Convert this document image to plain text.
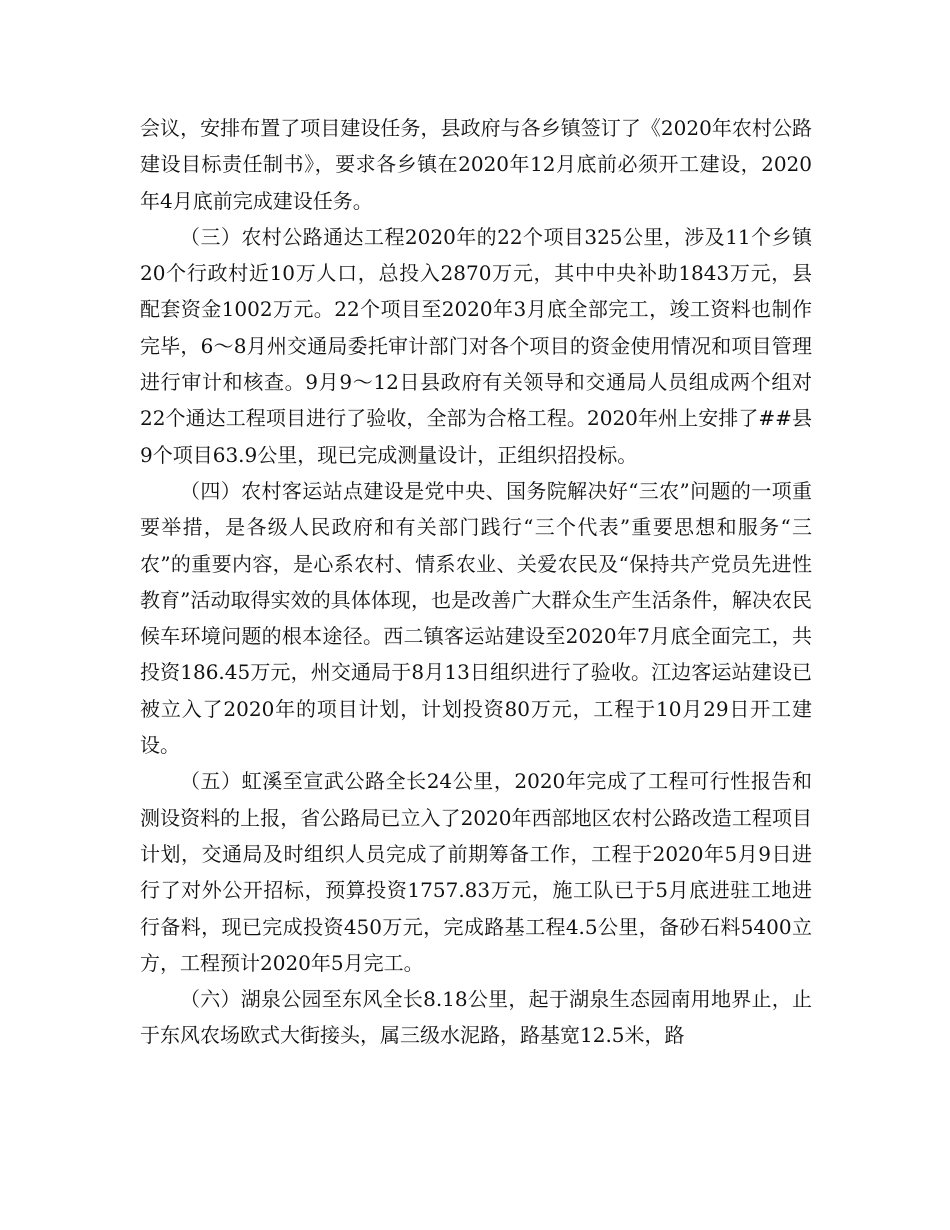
会议，安排布置了项目建设任务，县政府与各乡镇签订了《2020年农村公路建设目标责任制书》，要求各乡镇在2020年12月底前必须开工建设，2020年4月底前完成建设任务。

（三）农村公路通达工程2020年的22个项目325公里，涉及11个乡镇20个行政村近10万人口，总投入2870万元，其中中央补助1843万元，县配套资金1002万元。22个项目至2020年3月底全部完工，竣工资料也制作完毕，6～8月州交通局委托审计部门对各个项目的资金使用情况和项目管理进行审计和核查。9月9～12日县政府有关领导和交通局人员组成两个组对22个通达工程项目进行了验收，全部为合格工程。2020年州上安排了##县9个项目63.9公里，现已完成测量设计，正组织招投标。

（四）农村客运站点建设是党中央、国务院解决好“三农”问题的一项重要举措，是各级人民政府和有关部门践行“三个代表”重要思想和服务“三农”的重要内容，是心系农村、情系农业、关爱农民及“保持共产党员先进性教育”活动取得实效的具体体现，也是改善广大群众生产生活条件，解决农民候车环境问题的根本途径。西二镇客运站建设至2020年7月底全面完工，共投资186.45万元，州交通局于8月13日组织进行了验收。江边客运站建设已被立入了2020年的项目计划，计划投资80万元，工程于10月29日开工建设。

（五）虹溪至宣武公路全长24公里，2020年完成了工程可行性报告和测设资料的上报，省公路局已立入了2020年西部地区农村公路改造工程项目计划，交通局及时组织人员完成了前期筹备工作，工程于2020年5月9日进行了对外公开招标，预算投资1757.83万元，施工队已于5月底进驻工地进行备料，现已完成投资450万元，完成路基工程4.5公里，备砂石料5400立方，工程预计2020年5月完工。

（六）湖泉公园至东风全长8.18公里，起于湖泉生态园南用地界止，止于东风农场欧式大街接头，属三级水泥路，路基宽12.5米，路
